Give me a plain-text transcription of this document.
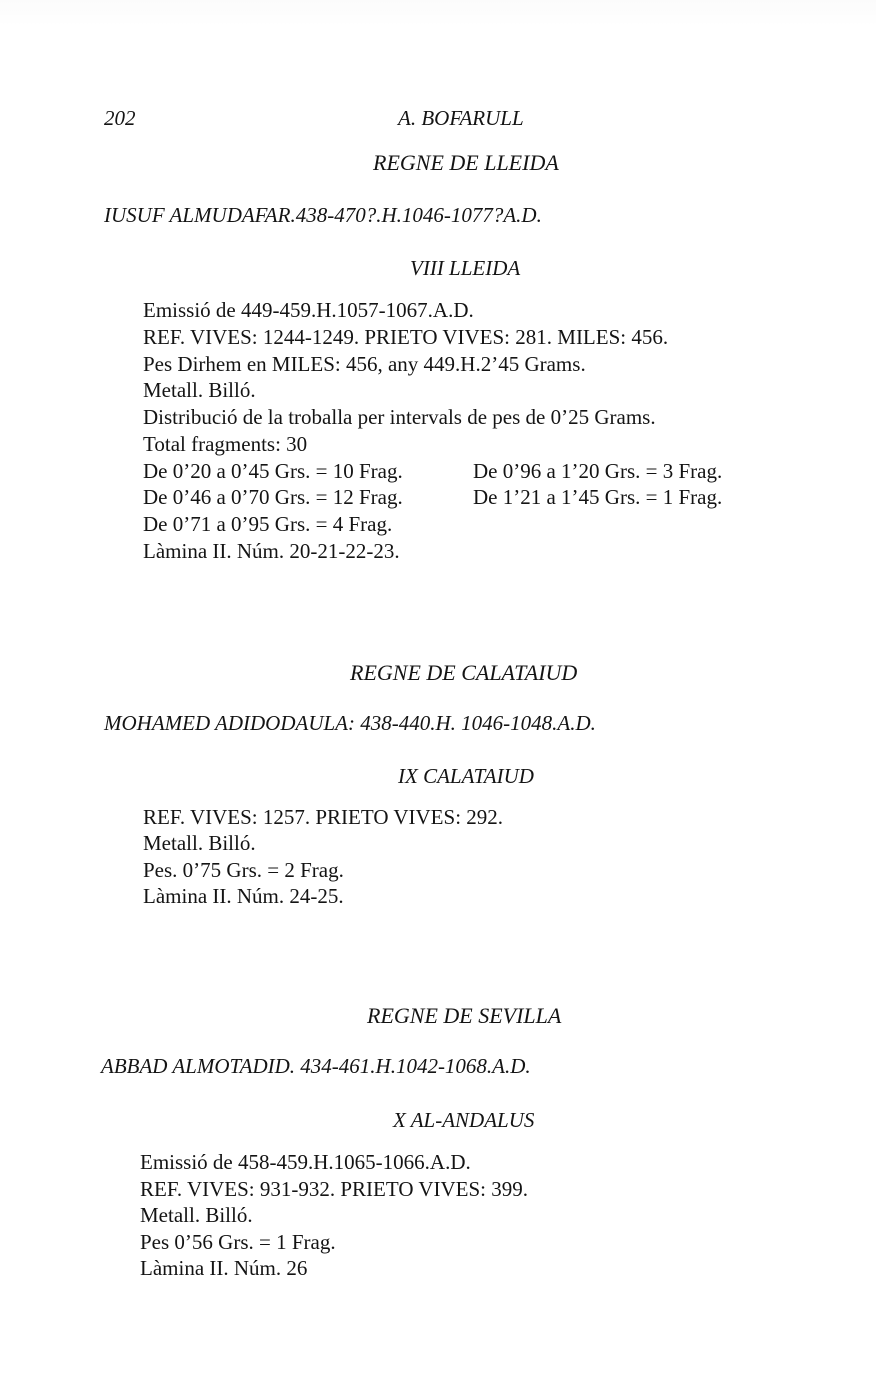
202	A. BOFARULL
REGNE DE LLEIDA
IUSUF ALMUDAFAR.438-470?.H.1046-1077?A.D.
VIII LLEIDA
Emissió de 449-459.H.1057-1067.A.D.
REF. VIVES: 1244-1249. PRIETO VIVES: 281. MILES: 456.
Pes Dirhem en MILES: 456, any 449.H.2’45 Grams.
Metall. Billó.
Distribució de la troballa per intervals de pes de 0’25 Grams.
Total fragments: 30
De 0’20 a 0’45 Grs. = 10 Frag.	De 0’96 a 1’20 Grs. = 3 Frag.
De 0’46 a 0’70 Grs. = 12 Frag.	De 1’21 a 1’45 Grs. = 1 Frag.
De 0’71 a 0’95 Grs. = 4 Frag.
Làmina II. Núm. 20-21-22-23.
REGNE DE CALATAIUD
MOHAMED ADIDODAULA: 438-440.H. 1046-1048.A.D.
IX CALATAIUD
REF. VIVES: 1257. PRIETO VIVES: 292.
Metall. Billó.
Pes. 0’75 Grs. = 2 Frag.
Làmina II. Núm. 24-25.
REGNE DE SEVILLA
ABBAD ALMOTADID. 434-461.H.1042-1068.A.D.
X AL-ANDALUS
Emissió de 458-459.H.1065-1066.A.D.
REF. VIVES: 931-932. PRIETO VIVES: 399.
Metall. Billó.
Pes 0’56 Grs. = 1 Frag.
Làmina II. Núm. 26
